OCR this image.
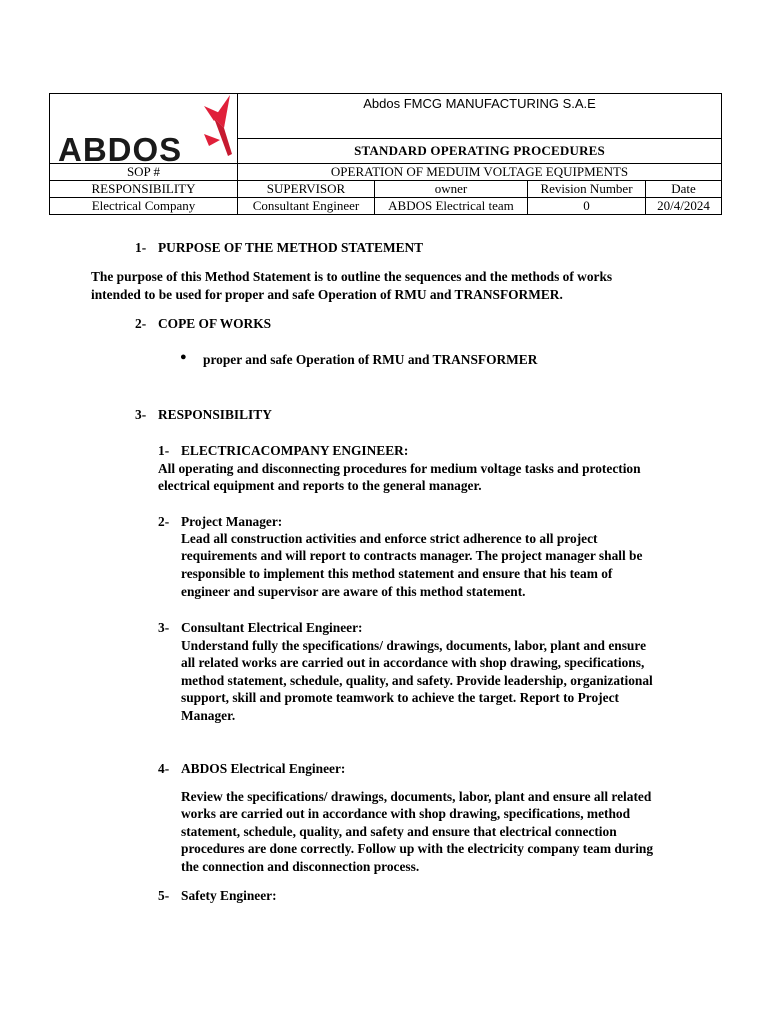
ABDOS	Abdos FMCG MANUFACTURING S.A.E			
	STANDARD OPERATING PROCEDURES			
SOP #	OPERATION OF MEDUIM VOLTAGE EQUIPMENTS			
RESPONSIBILITY	SUPERVISOR	owner	Revision Number	Date
Electrical Company	Consultant Engineer	ABDOS Electrical team	0	20/4/2024

1- PURPOSE OF THE METHOD STATEMENT

The purpose of this Method Statement is to outline the sequences and the methods of works

intended to be used for proper and safe Operation of RMU and TRANSFORMER.

2- COPE OF WORKS

● proper and safe Operation of RMU and TRANSFORMER

3- RESPONSIBILITY

1- ELECTRICACOMPANY ENGINEER:

All operating and disconnecting procedures for medium voltage tasks and protection

electrical equipment and reports to the general manager.

2- Project Manager:

Lead all construction activities and enforce strict adherence to all project

requirements and will report to contracts manager. The project manager shall be

responsible to implement this method statement and ensure that his team of

engineer and supervisor are aware of this method statement.

3- Consultant Electrical Engineer:

Understand fully the specifications/ drawings, documents, labor, plant and ensure

all related works are carried out in accordance with shop drawing, specifications,

method statement, schedule, quality, and safety. Provide leadership, organizational

support, skill and promote teamwork to achieve the target. Report to Project

Manager.

4- ABDOS Electrical Engineer:

Review the specifications/ drawings, documents, labor, plant and ensure all related

works are carried out in accordance with shop drawing, specifications, method

statement, schedule, quality, and safety and ensure that electrical connection

procedures are done correctly. Follow up with the electricity company team during

the connection and disconnection process.

5- Safety Engineer:
